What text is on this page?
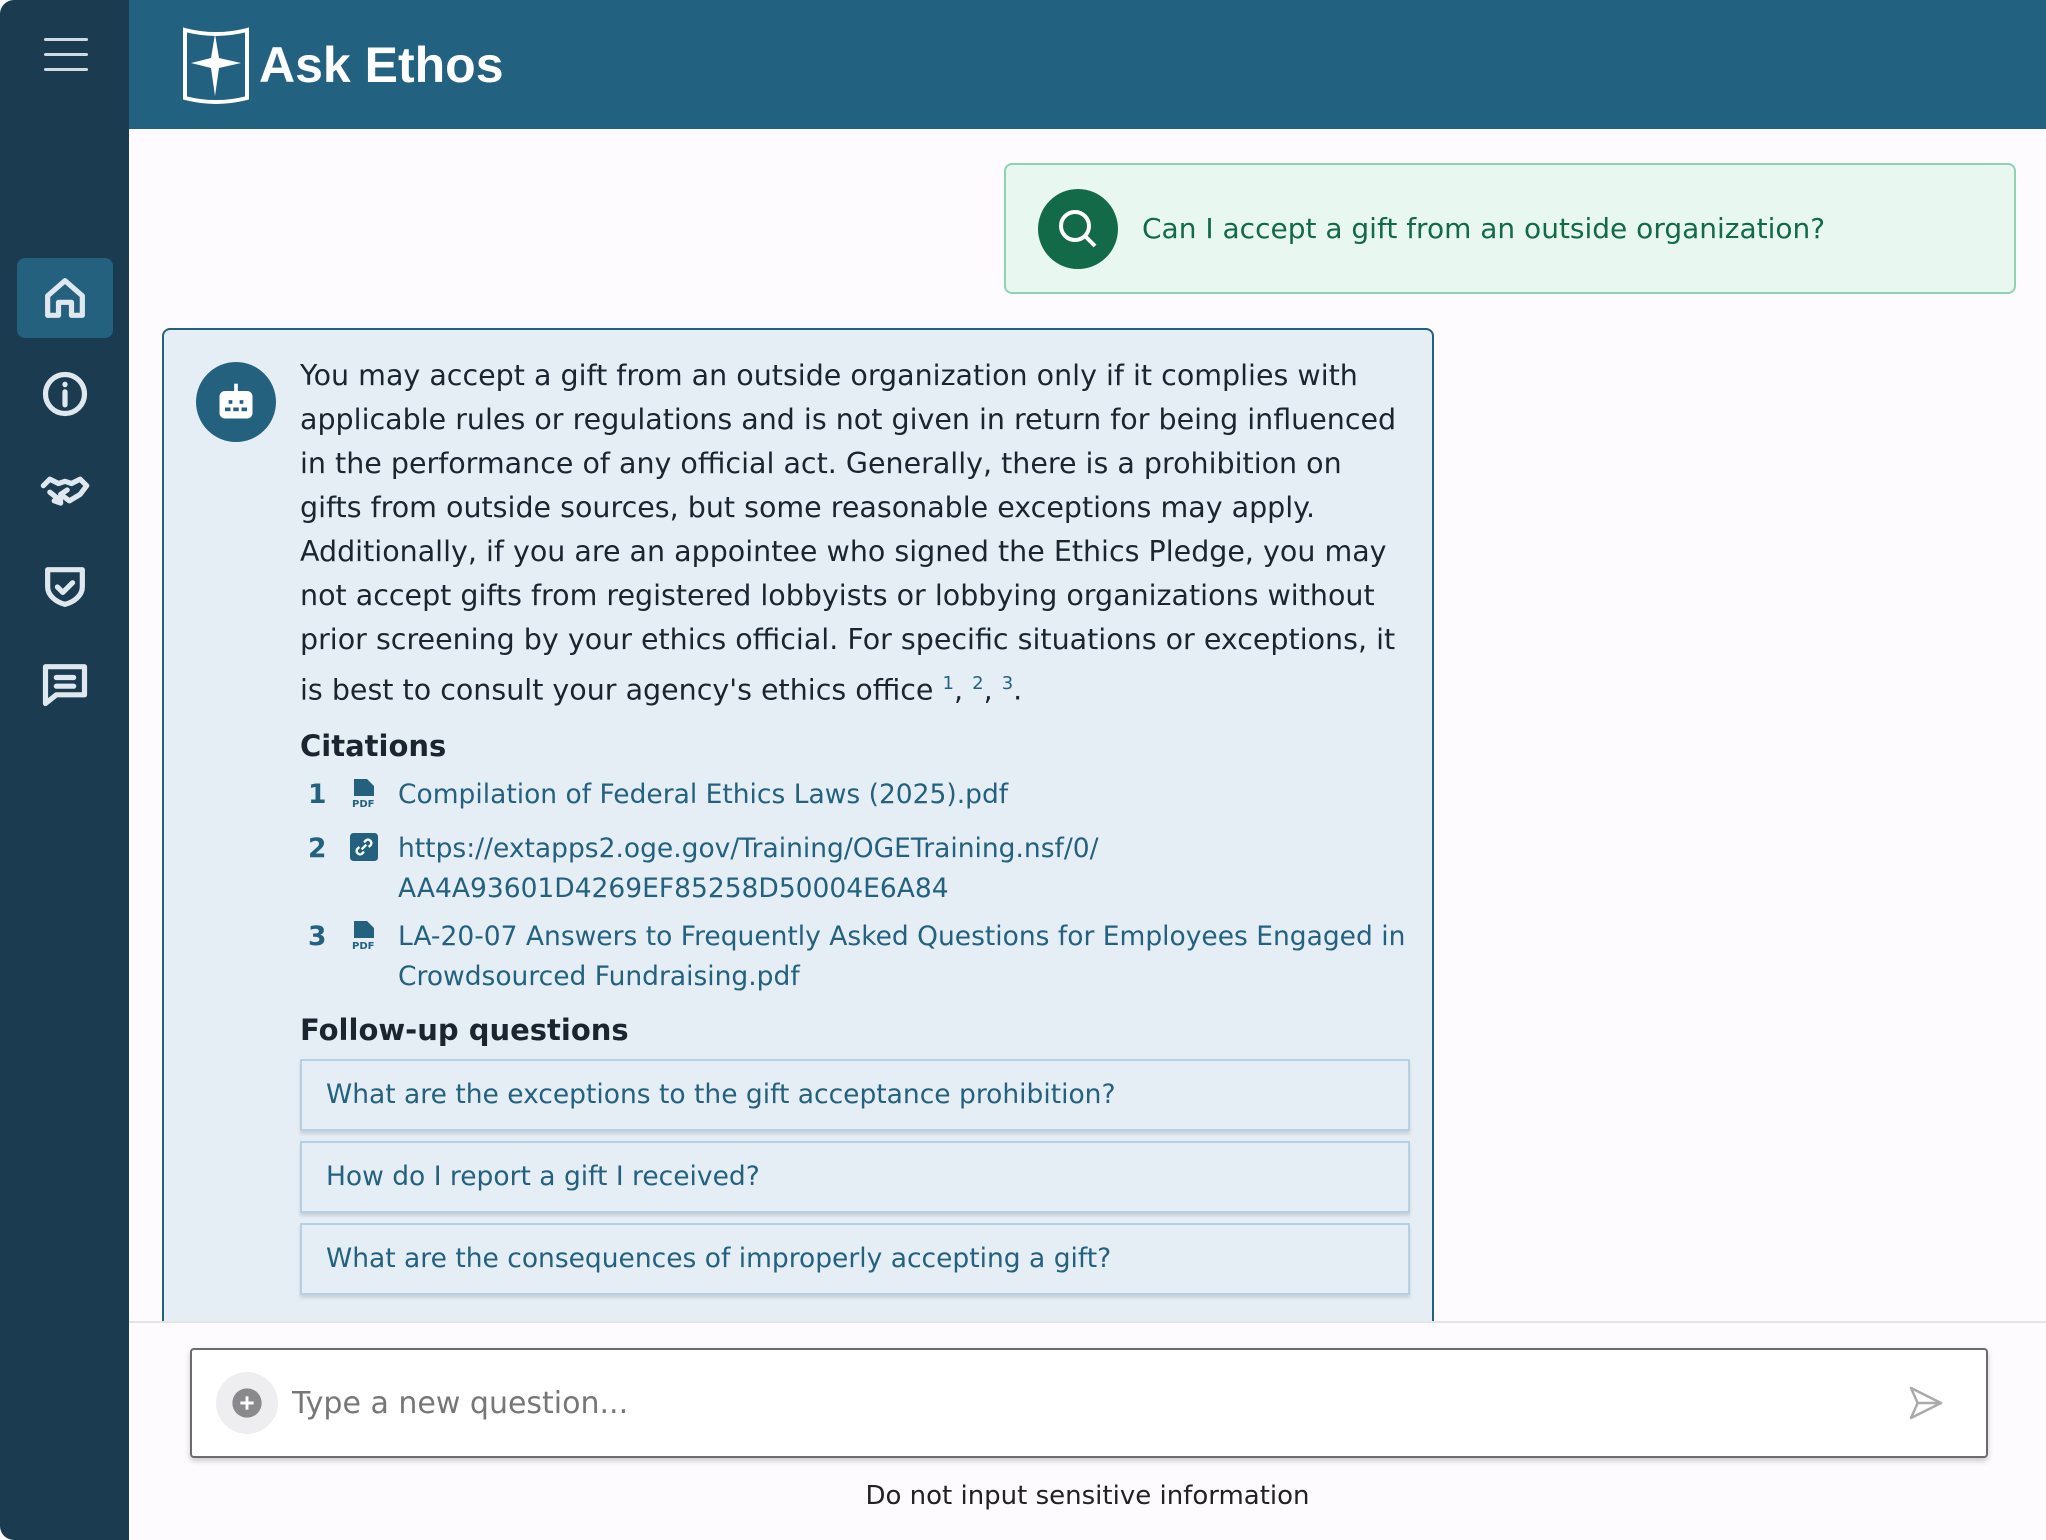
Ask Ethos
Can I accept a gift from an outside organization?
You may accept a gift from an outside organization only if it complies with applicable rules or regulations and is not given in return for being influenced in the performance of any official act. Generally, there is a prohibition on gifts from outside sources, but some reasonable exceptions may apply. Additionally, if you are an appointee who signed the Ethics Pledge, you may not accept gifts from registered lobbyists or lobbying organizations without prior screening by your ethics official. For specific situations or exceptions, it is best to consult your agency's ethics office $^1$, $^2$, $^3$.
Citations
1	PDF Compilation of Federal Ethics Laws (2025).pdf
2	https://extapps2.oge.gov/Training/OGETraining.nsf/0/ AA4A93601D4269EF85258D50004E6A84
3	PDF LA-20-07 Answers to Frequently Asked Questions for Employees Engaged in Crowdsourced Fundraising.pdf
Follow-up questions
What are the exceptions to the gift acceptance prohibition?
How do I report a gift I received?
What are the consequences of improperly accepting a gift?
Type a new question...
Do not input sensitive information
